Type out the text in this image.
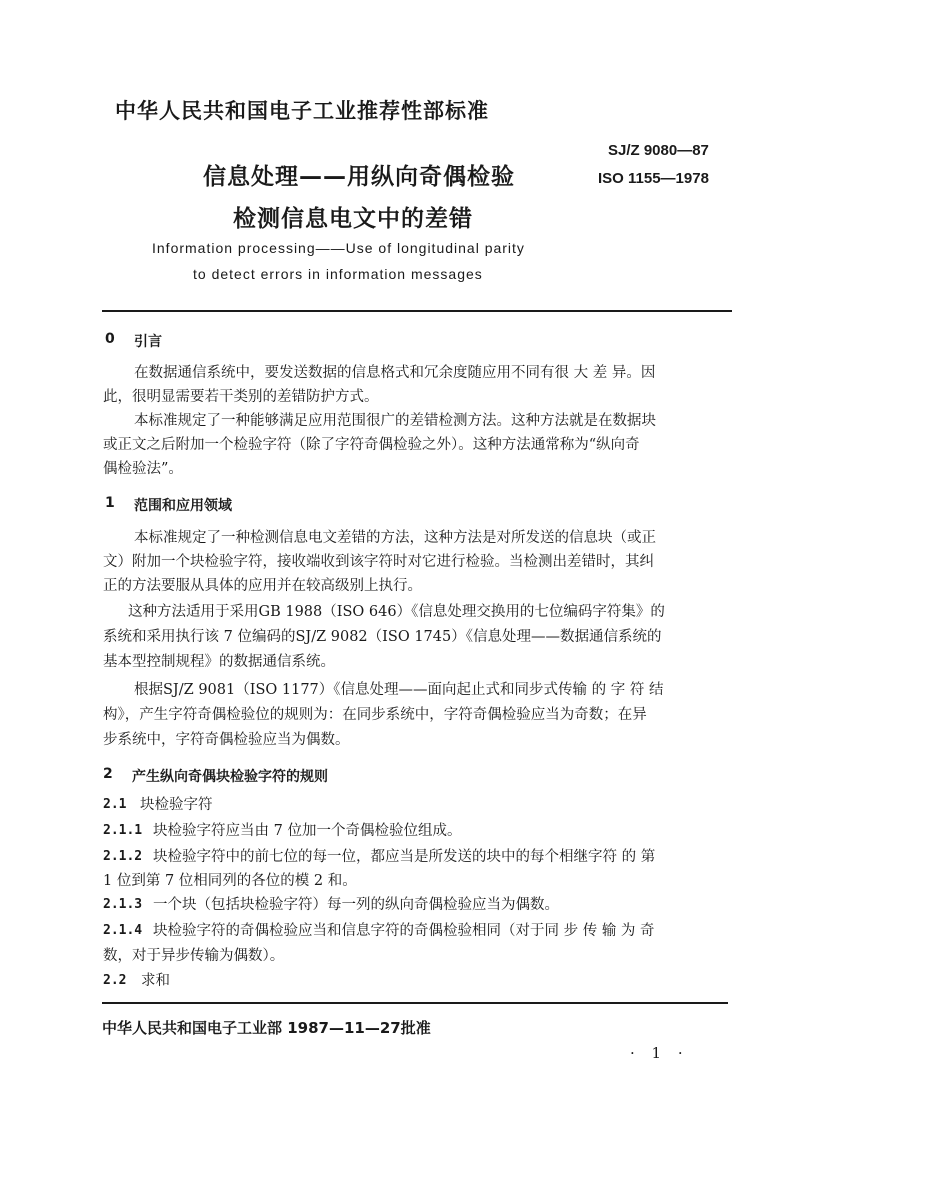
中华人民共和国电子工业推荐性部标准
信息处理——用纵向奇偶检验
检测信息电文中的差错
SJ/Z 9080—87
ISO 1155—1978
Information processing——Use of longitudinal parity
to detect errors in information messages
0 引言
在数据通信系统中，要发送数据的信息格式和冗余度随应用不同有很 大 差 异。因
此，很明显需要若干类别的差错防护方式。
本标准规定了一种能够满足应用范围很广的差错检测方法。这种方法就是在数据块
或正文之后附加一个检验字符（除了字符奇偶检验之外）。这种方法通常称为“纵向奇
偶检验法”。
1 范围和应用领域
本标准规定了一种检测信息电文差错的方法，这种方法是对所发送的信息块（或正
文）附加一个块检验字符，接收端收到该字符时对它进行检验。当检测出差错时，其纠
正的方法要服从具体的应用并在较高级别上执行。
这种方法适用于采用GB 1988（ISO 646）《信息处理交换用的七位编码字符集》的
系统和采用执行该 7 位编码的SJ/Z 9082（ISO 1745）《信息处理——数据通信系统的
基本型控制规程》的数据通信系统。
根据SJ/Z 9081（ISO 1177）《信息处理——面向起止式和同步式传输 的 字 符 结
构》，产生字符奇偶检验位的规则为：在同步系统中，字符奇偶检验应当为奇数；在异
步系统中，字符奇偶检验应当为偶数。
2 产生纵向奇偶块检验字符的规则
2.1 块检验字符
2.1.1 块检验字符应当由 7 位加一个奇偶检验位组成。
2.1.2 块检验字符中的前七位的每一位，都应当是所发送的块中的每个相继字符 的 第
1 位到第 7 位相同列的各位的模 2 和。
2.1.3 一个块（包括块检验字符）每一列的纵向奇偶检验应当为偶数。
2.1.4 块检验字符的奇偶检验应当和信息字符的奇偶检验相同（对于同 步 传 输 为 奇
数，对于异步传输为偶数）。
2.2 求和
中华人民共和国电子工业部 1987—11—27批准
· 1 ·
